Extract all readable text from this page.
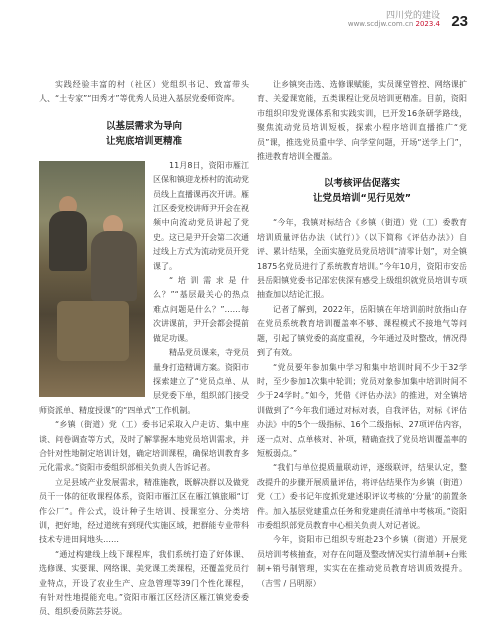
四川党的建设
www.scdjw.com.cn 2023.4 23

实践经验丰富的村（社区）党组织书记、致富带头人、“土专家”“田秀才”等优秀人员进入基层党委师资库。

以基层需求为导向
让宪底培训更精准

11月8日，资阳市雁江区保和镇迎龙桥村的流动党员线上直播课再次开讲。雁江区委党校讲师尹开会在视频中向流动党员讲起了党史。这已是尹开会第二次通过线上方式为流动党员开党课了。

“培训需求是什么？”“基层最关心的热点难点问题是什么？”……每次讲课前，尹开会都会提前做足功课。

精品党员课来，寺党员量身打造精调方案。资阳市探索建立了“党员点单、从层党委下单，组织部门接受师资派单、精度授课”的“四单式”工作机制。

“乡镇（街道）党（工）委书记采取入户走访、集中座谈、问卷调查等方式，及时了解掌握本地党员培训需求，并合针对性地制定培训计划，确定培训课程，确保培训教育多元化需求。”资阳市委组织部相关负责人告诉记者。

立足县域产业发展需求，精准施教，既解决群以及做党员干一体的征收课程体系，资阳市雁江区在雁江镇旅厢“订作公厂”。件公式，设计种子生培训、授课室分、分类培训，把好地，经过道统有到现代实施区域，把群能专业带科技术专进田间地头……

“通过构建线上线下课程库，我们系统打造了好体课、选修课、实要课、网络课、美党课工类课程，还覆盖党员行业特点，开设了农业生产、应急管理等39门个性化课程，有针对性地提能充电。”资阳市雁江区经济区雁江镇党委委员、组织委员陈芸芬说。

让乡镇突击选、选修课赋能，实员课堂管控、网络课扩育、关爱课宽能，五类课程让党员培训更精准。目前，资阳市组织印发党课体系和实践实训，巳开发16条研学路线，聚焦流动党员培训短板，探索小程序培训直播推广“党员”课，推选党员重中学、向学堂问题，开场“送学上门”，推进教育培训全覆盖。

以考核评估促落实
让党员培训“见行见效”

“今年，我镇对标结合《乡镇（街道）党（工）委教育培训质量评估办法（试行）》（以下简称《评估办法》）自评、累计结果，全面实施党员党员培训“清零计划”，对全镇1875名党员进行了系统教育培训。”今年10月，资阳市安岳县岳阳镇党委书记邵宏侠深有感受上级组织就党员培训专项抽查加以结论汇报。

记者了解到，2022年，岳阳镇在年培训前时放指山存在党员系统教育培训覆盖率不够、课程模式不接地气等问题，引起了镇党委的高度重视，今年通过及时整改，情况得到了有效。

“党员要年参加集中学习和集中培训时间不少于32学时，至少参加1次集中轮训；党员对象参加集中培训时间不少于24学时。”如今，凭借《评估办法》的推进，对全镇培训做到了“今年我们通过对标对表，自我评估，对标《评估办法》中的5个一级指标、16个二级指标、27项评估内容，逐一点对、点单核对、补项，精确查找了党员培训覆盖率的短板弱点。”

“我们与单位提质量联动评，逐级联评，结果认定，整改提升的步骤开展质量评估，将评估结果作为乡镇（街道）党（工）委书记年度抓党建述职评议考核的‘分量’的前置条件。加入基层党建重点任务和党建责任清单中考核项。”资阳市委组织部党员教育中心相关负责人对记者说。

今年，资阳市已组织专班赴23个乡镇（街道）开展党员培训考核抽查，对存在问题及整改情况实行清单制+台账制+销号制管理，实实在在推动党员教育培训质效提升。（吉雪 / 吕明原）
